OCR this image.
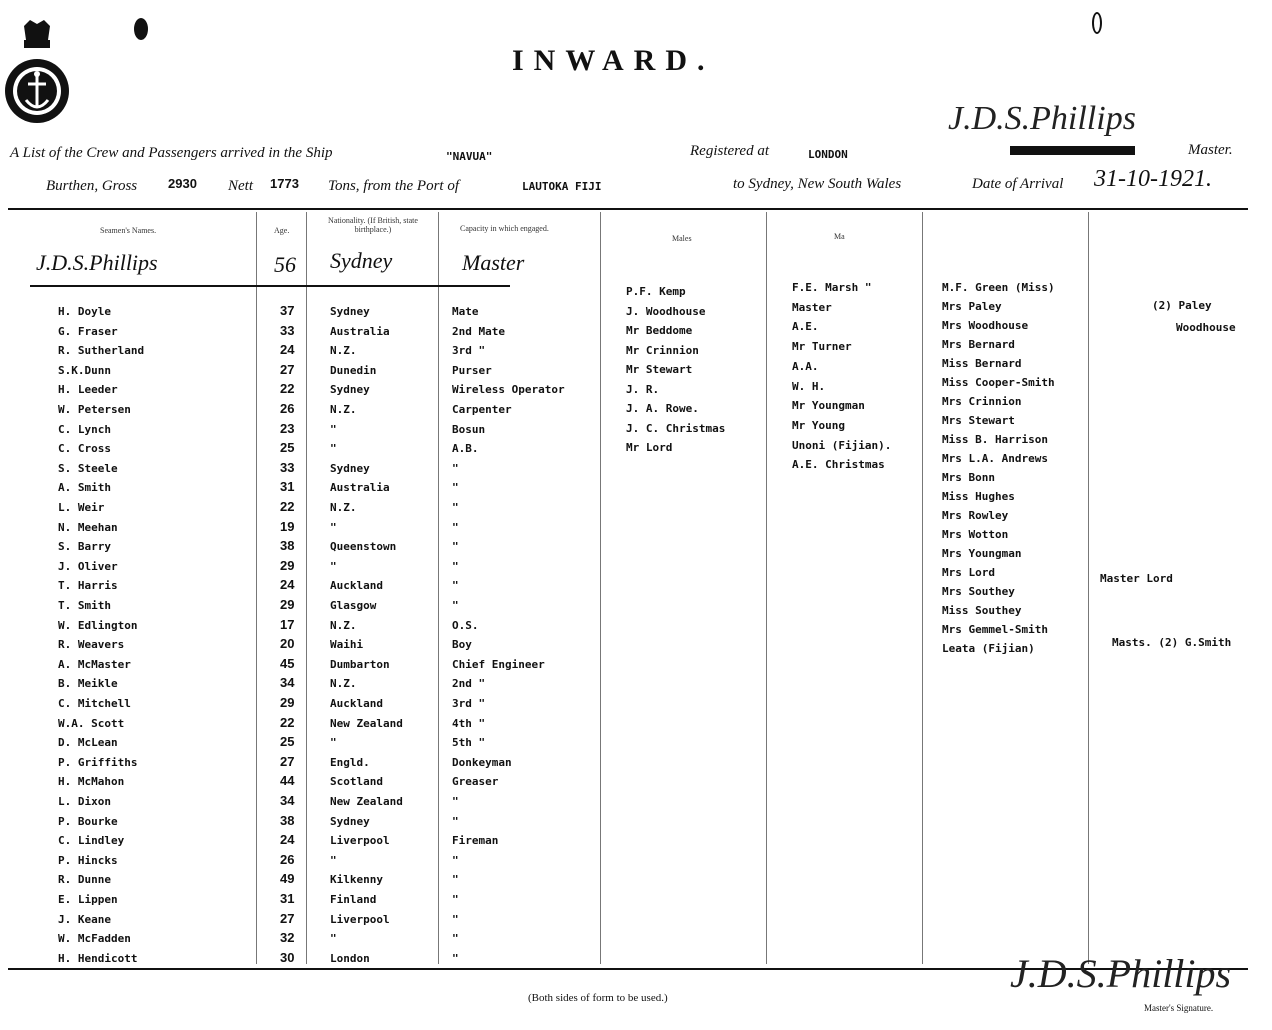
INWARD.
A List of the Crew and Passengers arrived in the Ship	"NAVUA"	Registered at	LONDON
J.D.S.Phillips
Master.
Burthen, Gross 2930 Nett 1773 Tons, from the Port of	LAUTOKA FIJI	to Sydney, New South Wales	Date of Arrival 31-10-1921.
Seamen's Names.	Age.
Nationality. (If British, state birthplace.)	Capacity in which engaged.
Males	Ma
J.D.S.Phillips	56 Sydney	Master
H. Doyle	37	Sydney	Mate
G. Fraser	33	Australia	2nd Mate
R. Sutherland	24	N.Z.	3rd "
S.K.Dunn	27	Dunedin	Purser
H. Leeder	22	Sydney	Wireless Operator
W. Petersen	26	N.Z.	Carpenter
C. Lynch	23	"	Bosun
C. Cross	25	"	A.B.
S. Steele	33	Sydney	"
A. Smith	31	Australia	"
L. Weir	22	N.Z.	"
N. Meehan	19	"	"
S. Barry	38	Queenstown	"
J. Oliver	29	"	"
T. Harris	24	Auckland	"
T. Smith	29	Glasgow	"
W. Edlington	17	N.Z.	O.S.
R. Weavers	20	Waihi	Boy
A. McMaster	45	Dumbarton	Chief Engineer
B. Meikle	34	N.Z.	2nd "
C. Mitchell	29	Auckland	3rd "
W.A. Scott	22	New Zealand	4th "
D. McLean	25	"	5th "
P. Griffiths	27	Engld.	Donkeyman
H. McMahon	44	Scotland	Greaser
L. Dixon	34	New Zealand	"
P. Bourke	38	Sydney	"
C. Lindley	24	Liverpool	Fireman
P. Hincks	26	"	"
R. Dunne	49	Kilkenny	"
E. Lippen	31	Finland	"
J. Keane	27	Liverpool	"
W. McFadden	32	"	"
H. Hendicott	30	London	"
P.F. Kemp
J. Woodhouse
Mr Beddome
Mr Crinnion
Mr Stewart
J. R.
J. A. Rowe.
J. C. Christmas
Mr Lord
F.E. Marsh "
Master
A.E.
Mr Turner
A.A.
W. H.
Mr Youngman
Mr Young
Unoni (Fijian).
A.E. Christmas
M.F. Green (Miss)
Mrs Paley
Mrs Woodhouse
Mrs Bernard
Miss Bernard
Miss Cooper-Smith
Mrs Crinnion
Mrs Stewart
Miss B. Harrison
Mrs L.A. Andrews
Mrs Bonn
Miss Hughes
Mrs Rowley
Mrs Wotton
Mrs Youngman
Mrs Lord
Mrs Southey
Miss Southey
Mrs Gemmel-Smith
Leata (Fijian)
(2) Paley
Woodhouse
Master Lord
Masts. (2) G.Smith
(Both sides of form to be used.)
J.D.S.Phillips
Master's Signature.
